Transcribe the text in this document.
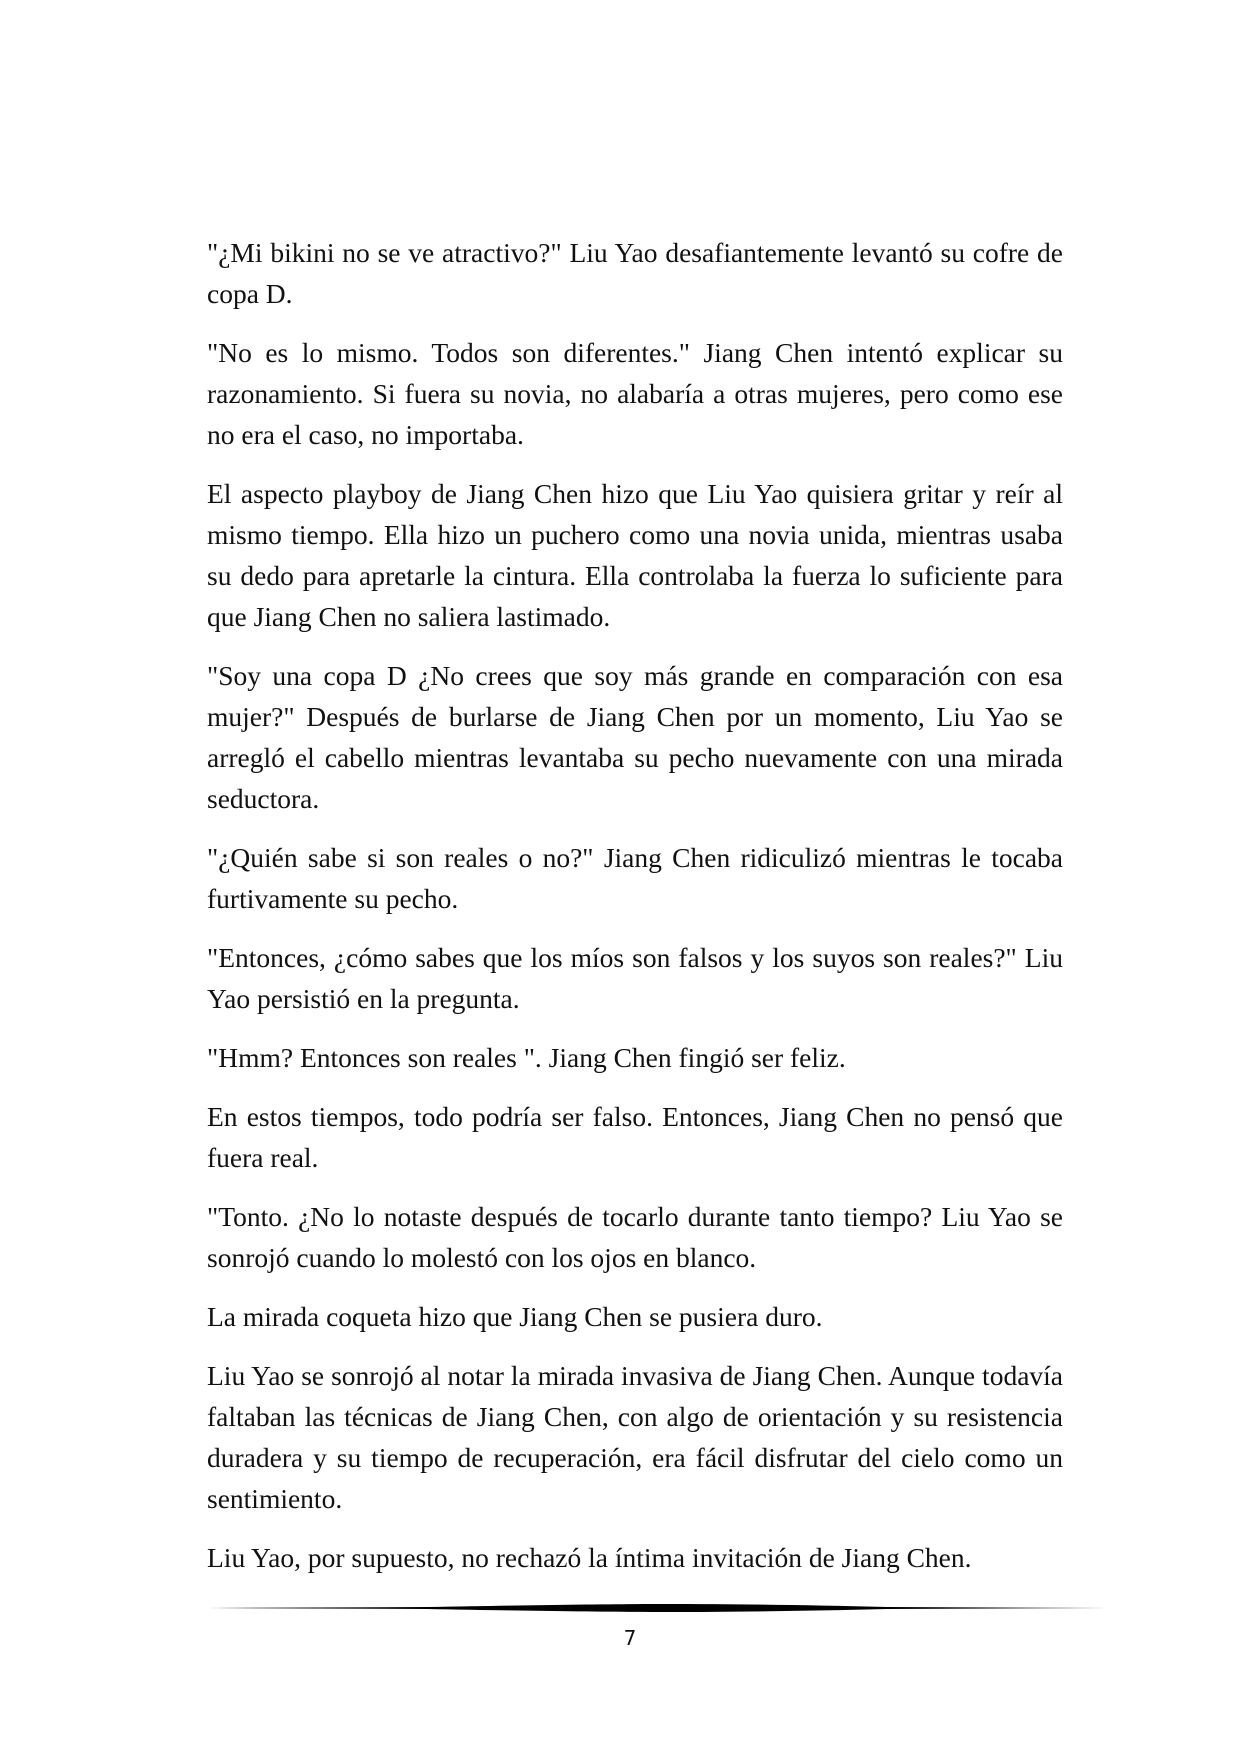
"¿Mi bikini no se ve atractivo?" Liu Yao desafiantemente levantó su cofre de copa D.

"No es lo mismo. Todos son diferentes." Jiang Chen intentó explicar su razonamiento. Si fuera su novia, no alabaría a otras mujeres, pero como ese no era el caso, no importaba.

El aspecto playboy de Jiang Chen hizo que Liu Yao quisiera gritar y reír al mismo tiempo. Ella hizo un puchero como una novia unida, mientras usaba su dedo para apretarle la cintura. Ella controlaba la fuerza lo suficiente para que Jiang Chen no saliera lastimado.

"Soy una copa D ¿No crees que soy más grande en comparación con esa mujer?" Después de burlarse de Jiang Chen por un momento, Liu Yao se arregló el cabello mientras levantaba su pecho nuevamente con una mirada seductora.

"¿Quién sabe si son reales o no?" Jiang Chen ridiculizó mientras le tocaba furtivamente su pecho.

"Entonces, ¿cómo sabes que los míos son falsos y los suyos son reales?" Liu Yao persistió en la pregunta.

"Hmm? Entonces son reales ". Jiang Chen fingió ser feliz.

En estos tiempos, todo podría ser falso. Entonces, Jiang Chen no pensó que fuera real.

"Tonto. ¿No lo notaste después de tocarlo durante tanto tiempo? Liu Yao se sonrojó cuando lo molestó con los ojos en blanco.

La mirada coqueta hizo que Jiang Chen se pusiera duro.

Liu Yao se sonrojó al notar la mirada invasiva de Jiang Chen. Aunque todavía faltaban las técnicas de Jiang Chen, con algo de orientación y su resistencia duradera y su tiempo de recuperación, era fácil disfrutar del cielo como un sentimiento.

Liu Yao, por supuesto, no rechazó la íntima invitación de Jiang Chen.

7
